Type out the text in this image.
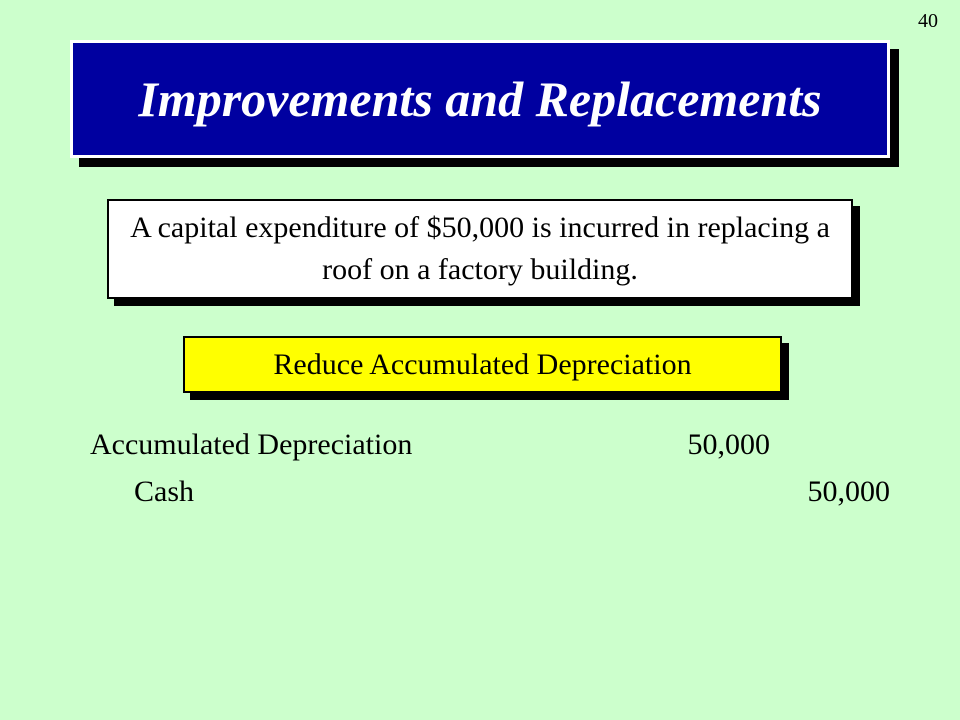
40
Improvements and Replacements
A capital expenditure of $50,000 is incurred in replacing a roof on a factory building.
Reduce Accumulated Depreciation
Accumulated Depreciation	50,000
Cash	50,000
